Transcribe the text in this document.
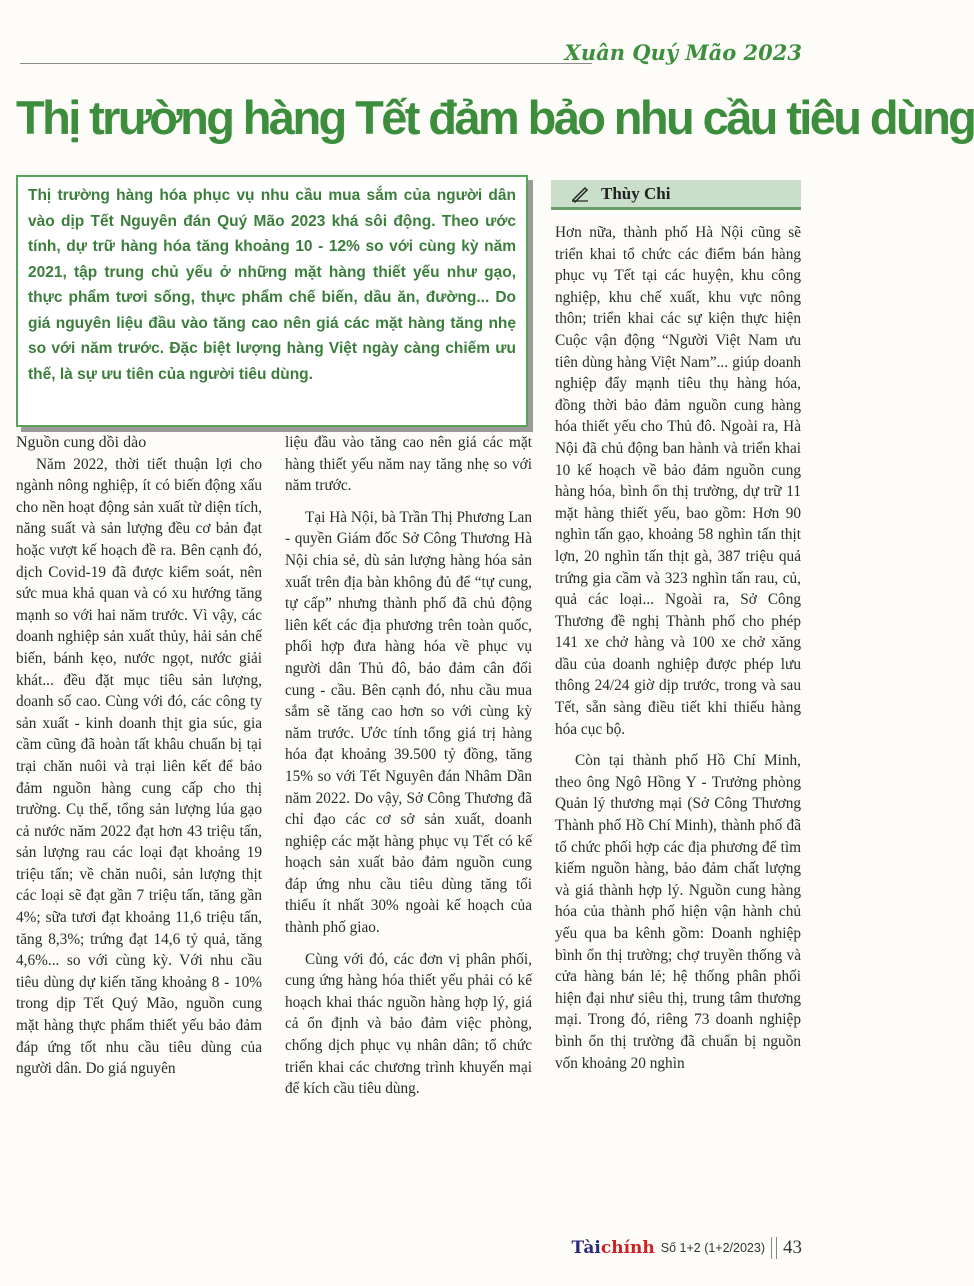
Xuân Quý Mão 2023
Thị trường hàng Tết đảm bảo nhu cầu tiêu dùng
Thị trường hàng hóa phục vụ nhu cầu mua sắm của người dân vào dịp Tết Nguyên đán Quý Mão 2023 khá sôi động. Theo ước tính, dự trữ hàng hóa tăng khoảng 10 - 12% so với cùng kỳ năm 2021, tập trung chủ yếu ở những mặt hàng thiết yếu như gạo, thực phẩm tươi sống, thực phẩm chế biến, dầu ăn, đường... Do giá nguyên liệu đầu vào tăng cao nên giá các mặt hàng tăng nhẹ so với năm trước. Đặc biệt lượng hàng Việt ngày càng chiếm ưu thế, là sự ưu tiên của người tiêu dùng.
Thùy Chi
Nguồn cung dồi dào

Năm 2022, thời tiết thuận lợi cho ngành nông nghiệp, ít có biến động xấu cho nền hoạt động sản xuất từ diện tích, năng suất và sản lượng đều cơ bản đạt hoặc vượt kế hoạch đề ra. Bên cạnh đó, dịch Covid-19 đã được kiểm soát, nên sức mua khả quan và có xu hướng tăng mạnh so với hai năm trước. Vì vậy, các doanh nghiệp sản xuất thủy, hải sản chế biến, bánh kẹo, nước ngọt, nước giải khát... đều đặt mục tiêu sản lượng, doanh số cao. Cùng với đó, các công ty sản xuất - kinh doanh thịt gia súc, gia cầm cũng đã hoàn tất khâu chuẩn bị tại trại chăn nuôi và trại liên kết để bảo đảm nguồn hàng cung cấp cho thị trường. Cụ thể, tổng sản lượng lúa gạo cả nước năm 2022 đạt hơn 43 triệu tấn, sản lượng rau các loại đạt khoảng 19 triệu tấn; về chăn nuôi, sản lượng thịt các loại sẽ đạt gần 7 triệu tấn, tăng gần 4%; sữa tươi đạt khoảng 11,6 triệu tấn, tăng 8,3%; trứng đạt 14,6 tỷ quả, tăng 4,6%... so với cùng kỳ. Với nhu cầu tiêu dùng dự kiến tăng khoảng 8 - 10% trong dịp Tết Quý Mão, nguồn cung mặt hàng thực phẩm thiết yếu bảo đảm đáp ứng tốt nhu cầu tiêu dùng của người dân. Do giá nguyên

liệu đầu vào tăng cao nên giá các mặt hàng thiết yếu năm nay tăng nhẹ so với năm trước.

Tại Hà Nội, bà Trần Thị Phương Lan - quyền Giám đốc Sở Công Thương Hà Nội chia sẻ, dù sản lượng hàng hóa sản xuất trên địa bàn không đủ để “tự cung, tự cấp” nhưng thành phố đã chủ động liên kết các địa phương trên toàn quốc, phối hợp đưa hàng hóa về phục vụ người dân Thủ đô, bảo đảm cân đối cung - cầu. Bên cạnh đó, nhu cầu mua sắm sẽ tăng cao hơn so với cùng kỳ năm trước. Ước tính tổng giá trị hàng hóa đạt khoảng 39.500 tỷ đồng, tăng 15% so với Tết Nguyên đán Nhâm Dần năm 2022. Do vậy, Sở Công Thương đã chỉ đạo các cơ sở sản xuất, doanh nghiệp các mặt hàng phục vụ Tết có kế hoạch sản xuất bảo đảm nguồn cung đáp ứng nhu cầu tiêu dùng tăng tối thiểu ít nhất 30% ngoài kế hoạch của thành phố giao.

Cùng với đó, các đơn vị phân phối, cung ứng hàng hóa thiết yếu phải có kế hoạch khai thác nguồn hàng hợp lý, giá cả ổn định và bảo đảm việc phòng, chống dịch phục vụ nhân dân; tổ chức triển khai các chương trình khuyến mại để kích cầu tiêu dùng.

Hơn nữa, thành phố Hà Nội cũng sẽ triển khai tổ chức các điểm bán hàng phục vụ Tết tại các huyện, khu công nghiệp, khu chế xuất, khu vực nông thôn; triển khai các sự kiện thực hiện Cuộc vận động “Người Việt Nam ưu tiên dùng hàng Việt Nam”... giúp doanh nghiệp đẩy mạnh tiêu thụ hàng hóa, đồng thời bảo đảm nguồn cung hàng hóa thiết yếu cho Thủ đô. Ngoài ra, Hà Nội đã chủ động ban hành và triển khai 10 kế hoạch về bảo đảm nguồn cung hàng hóa, bình ổn thị trường, dự trữ 11 mặt hàng thiết yếu, bao gồm: Hơn 90 nghìn tấn gạo, khoảng 58 nghìn tấn thịt lợn, 20 nghìn tấn thịt gà, 387 triệu quả trứng gia cầm và 323 nghìn tấn rau, củ, quả các loại... Ngoài ra, Sở Công Thương đề nghị Thành phố cho phép 141 xe chở hàng và 100 xe chở xăng dầu của doanh nghiệp được phép lưu thông 24/24 giờ dịp trước, trong và sau Tết, sẵn sàng điều tiết khi thiếu hàng hóa cục bộ.

Còn tại thành phố Hồ Chí Minh, theo ông Ngô Hồng Y - Trưởng phòng Quản lý thương mại (Sở Công Thương Thành phố Hồ Chí Minh), thành phố đã tổ chức phối hợp các địa phương để tìm kiếm nguồn hàng, bảo đảm chất lượng và giá thành hợp lý. Nguồn cung hàng hóa của thành phố hiện vận hành chủ yếu qua ba kênh gồm: Doanh nghiệp bình ổn thị trường; chợ truyền thống và cửa hàng bán lẻ; hệ thống phân phối hiện đại như siêu thị, trung tâm thương mại. Trong đó, riêng 73 doanh nghiệp bình ổn thị trường đã chuẩn bị nguồn vốn khoảng 20 nghìn

Tàichính Số 1+2 (1+2/2023) 43
